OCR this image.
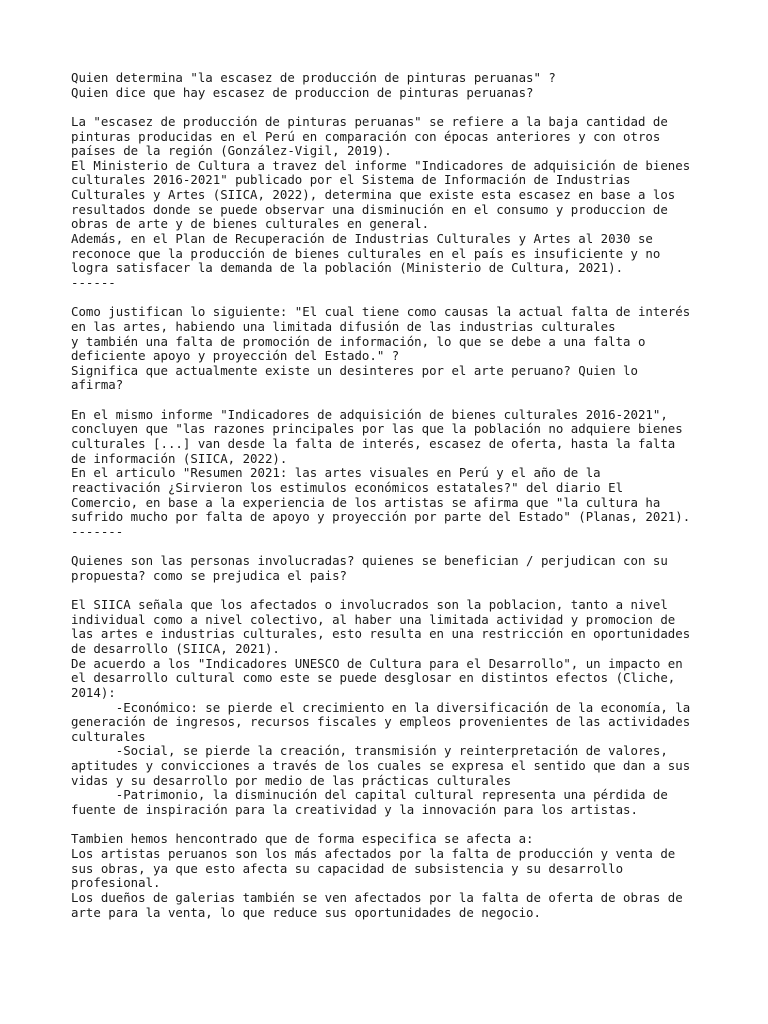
Quien determina "la escasez de producción de pinturas peruanas" ?
Quien dice que hay escasez de produccion de pinturas peruanas?
La "escasez de producción de pinturas peruanas" se refiere a la baja cantidad de
pinturas producidas en el Perú en comparación con épocas anteriores y con otros
países de la región (González-Vigil, 2019).
El Ministerio de Cultura a travez del informe "Indicadores de adquisición de bienes
culturales 2016-2021" publicado por el Sistema de Información de Industrias
Culturales y Artes (SIICA, 2022), determina que existe esta escasez en base a los
resultados donde se puede observar una disminución en el consumo y produccion de
obras de arte y de bienes culturales en general.
Además, en el Plan de Recuperación de Industrias Culturales y Artes al 2030 se
reconoce que la producción de bienes culturales en el país es insuficiente y no
logra satisfacer la demanda de la población (Ministerio de Cultura, 2021).
------
Como justifican lo siguiente: "El cual tiene como causas la actual falta de interés
en las artes, habiendo una limitada difusión de las industrias culturales
y también una falta de promoción de información, lo que se debe a una falta o
deficiente apoyo y proyección del Estado." ?
Significa que actualmente existe un desinteres por el arte peruano? Quien lo
afirma?
En el mismo informe "Indicadores de adquisición de bienes culturales 2016-2021",
concluyen que "las razones principales por las que la población no adquiere bienes
culturales [...] van desde la falta de interés, escasez de oferta, hasta la falta
de información (SIICA, 2022).
En el articulo "Resumen 2021: las artes visuales en Perú y el año de la
reactivación ¿Sirvieron los estimulos económicos estatales?" del diario El
Comercio, en base a la experiencia de los artistas se afirma que "la cultura ha
sufrido mucho por falta de apoyo y proyección por parte del Estado" (Planas, 2021).
-------
Quienes son las personas involucradas? quienes se benefician / perjudican con su
propuesta? como se prejudica el pais?
El SIICA señala que los afectados o involucrados son la poblacion, tanto a nivel
individual como a nivel colectivo, al haber una limitada actividad y promocion de
las artes e industrias culturales, esto resulta en una restricción en oportunidades
de desarrollo (SIICA, 2021).
De acuerdo a los "Indicadores UNESCO de Cultura para el Desarrollo", un impacto en
el desarrollo cultural como este se puede desglosar en distintos efectos (Cliche,
2014):
-Económico: se pierde el crecimiento en la diversificación de la economía, la
generación de ingresos, recursos fiscales y empleos provenientes de las actividades
culturales
-Social, se pierde la creación, transmisión y reinterpretación de valores,
aptitudes y convicciones a través de los cuales se expresa el sentido que dan a sus
vidas y su desarrollo por medio de las prácticas culturales
-Patrimonio, la disminución del capital cultural representa una pérdida de
fuente de inspiración para la creatividad y la innovación para los artistas.
Tambien hemos hencontrado que de forma especifica se afecta a:
Los artistas peruanos son los más afectados por la falta de producción y venta de
sus obras, ya que esto afecta su capacidad de subsistencia y su desarrollo
profesional.
Los dueños de galerias también se ven afectados por la falta de oferta de obras de
arte para la venta, lo que reduce sus oportunidades de negocio.
